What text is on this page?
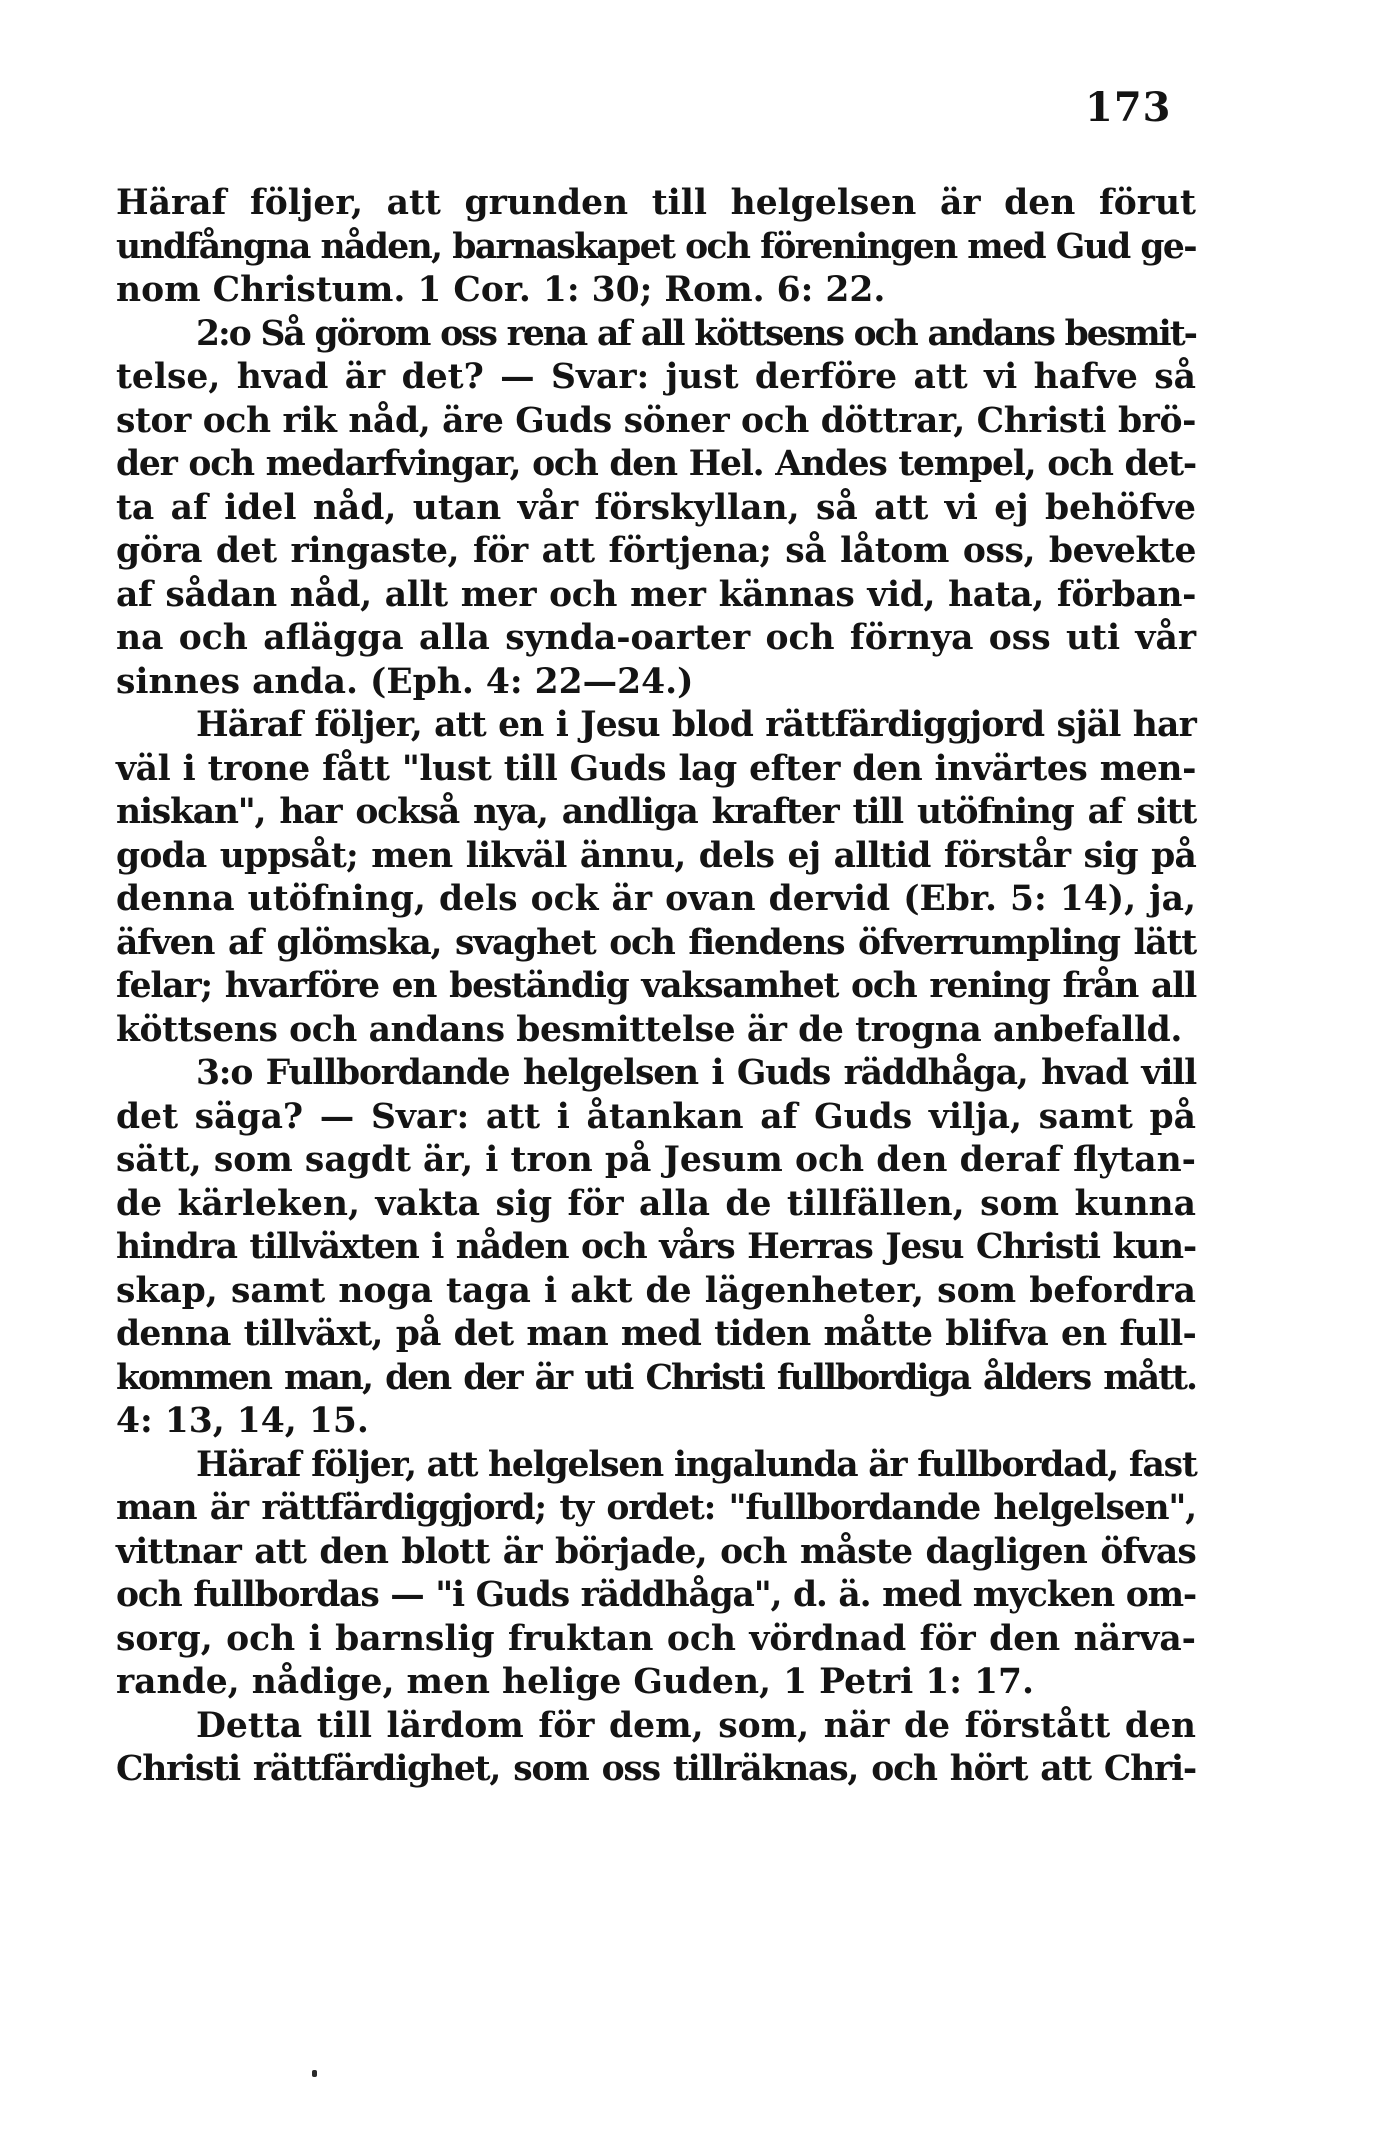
173
Häraf följer, att grunden till helgelsen är den förut
undfångna nåden, barnaskapet och föreningen med Gud ge-
nom Christum. 1 Cor. 1: 30; Rom. 6: 22.
2:o Så görom oss rena af all köttsens och andans besmit-
telse, hvad är det? — Svar: just derföre att vi hafve så
stor och rik nåd, äre Guds söner och döttrar, Christi brö-
der och medarfvingar, och den Hel. Andes tempel, och det-
ta af idel nåd, utan vår förskyllan, så att vi ej behöfve
göra det ringaste, för att förtjena; så låtom oss, bevekte
af sådan nåd, allt mer och mer kännas vid, hata, förban-
na och aflägga alla synda-oarter och förnya oss uti vår
sinnes anda. (Eph. 4: 22—24.)
Häraf följer, att en i Jesu blod rättfärdiggjord själ har
väl i trone fått "lust till Guds lag efter den invärtes men-
niskan", har också nya, andliga krafter till utöfning af sitt
goda uppsåt; men likväl ännu, dels ej alltid förstår sig på
denna utöfning, dels ock är ovan dervid (Ebr. 5: 14), ja,
äfven af glömska, svaghet och fiendens öfverrumpling lätt
felar; hvarföre en beständig vaksamhet och rening från all
köttsens och andans besmittelse är de trogna anbefalld.
3:o Fullbordande helgelsen i Guds räddhåga, hvad vill
det säga? — Svar: att i åtankan af Guds vilja, samt på
sätt, som sagdt är, i tron på Jesum och den deraf flytan-
de kärleken, vakta sig för alla de tillfällen, som kunna
hindra tillväxten i nåden och vårs Herras Jesu Christi kun-
skap, samt noga taga i akt de lägenheter, som befordra
denna tillväxt, på det man med tiden måtte blifva en full-
kommen man, den der är uti Christi fullbordiga ålders mått.
4: 13, 14, 15.
Häraf följer, att helgelsen ingalunda är fullbordad, fast
man är rättfärdiggjord; ty ordet: "fullbordande helgelsen",
vittnar att den blott är började, och måste dagligen öfvas
och fullbordas — "i Guds räddhåga", d. ä. med mycken om-
sorg, och i barnslig fruktan och vördnad för den närva-
rande, nådige, men helige Guden, 1 Petri 1: 17.
Detta till lärdom för dem, som, när de förstått den
Christi rättfärdighet, som oss tillräknas, och hört att Chri-
